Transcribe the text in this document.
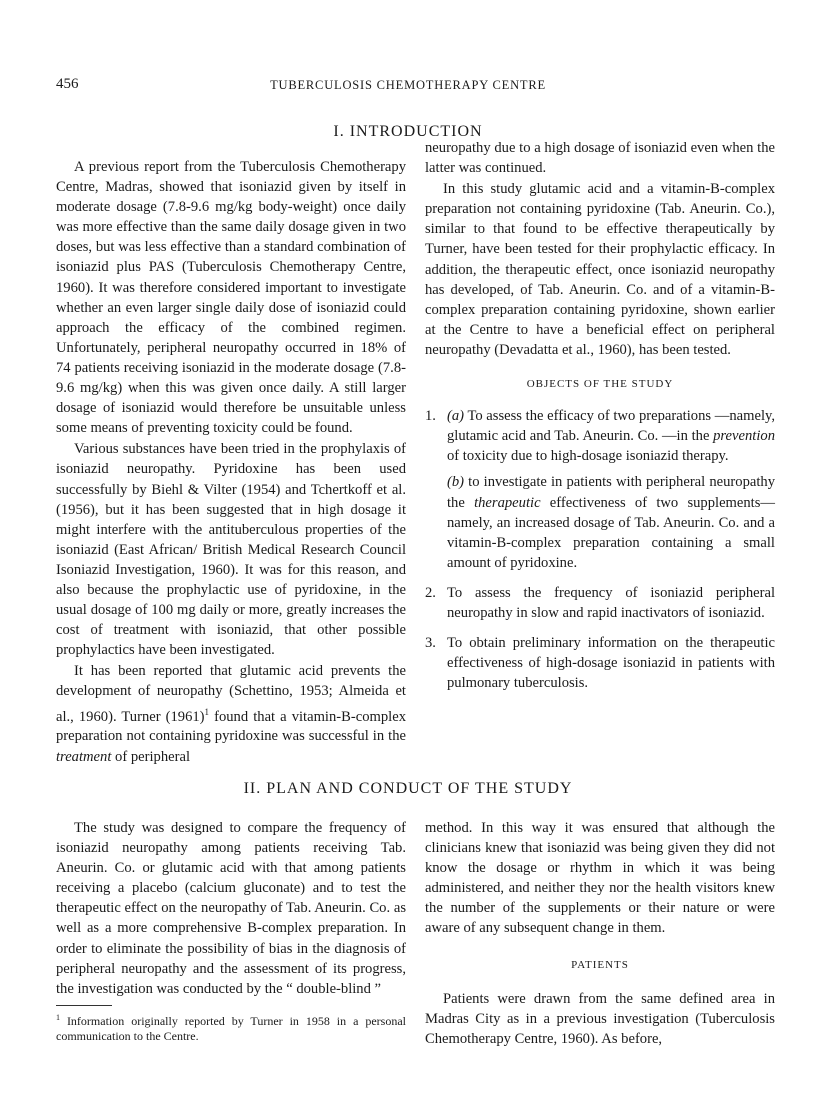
456	TUBERCULOSIS CHEMOTHERAPY CENTRE
I. INTRODUCTION

A previous report from the Tuberculosis Chemotherapy Centre, Madras, showed that isoniazid given by itself in moderate dosage (7.8-9.6 mg/kg body-weight) once daily was more effective than the same daily dosage given in two doses, but was less effective than a standard combination of isoniazid plus PAS (Tuberculosis Chemotherapy Centre, 1960). It was therefore considered important to investigate whether an even larger single daily dose of isoniazid could approach the efficacy of the combined regimen. Unfortunately, peripheral neuropathy occurred in 18% of 74 patients receiving isoniazid in the moderate dosage (7.8-9.6 mg/kg) when this was given once daily. A still larger dosage of isoniazid would therefore be unsuitable unless some means of preventing toxicity could be found.

Various substances have been tried in the prophylaxis of isoniazid neuropathy. Pyridoxine has been used successfully by Biehl & Vilter (1954) and Tchertkoff et al. (1956), but it has been suggested that in high dosage it might interfere with the antituberculous properties of the isoniazid (East African/ British Medical Research Council Isoniazid Investigation, 1960). It was for this reason, and also because the prophylactic use of pyridoxine, in the usual dosage of 100 mg daily or more, greatly increases the cost of treatment with isoniazid, that other possible prophylactics have been investigated.

It has been reported that glutamic acid prevents the development of neuropathy (Schettino, 1953; Almeida et al., 1960). Turner $(1961)^1$ found that a vitamin-B-complex preparation not containing pyridoxine was successful in the treatment of peripheral

neuropathy due to a high dosage of isoniazid even when the latter was continued.

In this study glutamic acid and a vitamin-B-complex preparation not containing pyridoxine (Tab. Aneurin. Co.), similar to that found to be effective therapeutically by Turner, have been tested for their prophylactic efficacy. In addition, the therapeutic effect, once isoniazid neuropathy has developed, of Tab. Aneurin. Co. and of a vitamin-B-complex preparation containing pyridoxine, shown earlier at the Centre to have a beneficial effect on peripheral neuropathy (Devadatta et al., 1960), has been tested.

OBJECTS OF THE STUDY
1. (a) To assess the efficacy of two preparations —namely, glutamic acid and Tab. Aneurin. Co. —in the prevention of toxicity due to high-dosage isoniazid therapy.

(b) to investigate in patients with peripheral neuropathy the therapeutic effectiveness of two supplements—namely, an increased dosage of Tab. Aneurin. Co. and a vitamin-B-complex preparation containing a small amount of pyridoxine.

2. To assess the frequency of isoniazid peripheral neuropathy in slow and rapid inactivators of isoniazid.

3. To obtain preliminary information on the therapeutic effectiveness of high-dosage isoniazid in patients with pulmonary tuberculosis.

II. PLAN AND CONDUCT OF THE STUDY

The study was designed to compare the frequency of isoniazid neuropathy among patients receiving Tab. Aneurin. Co. or glutamic acid with that among patients receiving a placebo (calcium gluconate) and to test the therapeutic effect on the neuropathy of Tab. Aneurin. Co. as well as a more comprehensive B-complex preparation. In order to eliminate the possibility of bias in the diagnosis of peripheral neuropathy and the assessment of its progress, the investigation was conducted by the “ double-blind ”

method. In this way it was ensured that although the clinicians knew that isoniazid was being given they did not know the dosage or rhythm in which it was being administered, and neither they nor the health visitors knew the number of the supplements or their nature or were aware of any subsequent change in them.

PATIENTS

Patients were drawn from the same defined area in Madras City as in a previous investigation (Tuberculosis Chemotherapy Centre, 1960). As before,

$^1$ Information originally reported by Turner in 1958 in a personal communication to the Centre.
